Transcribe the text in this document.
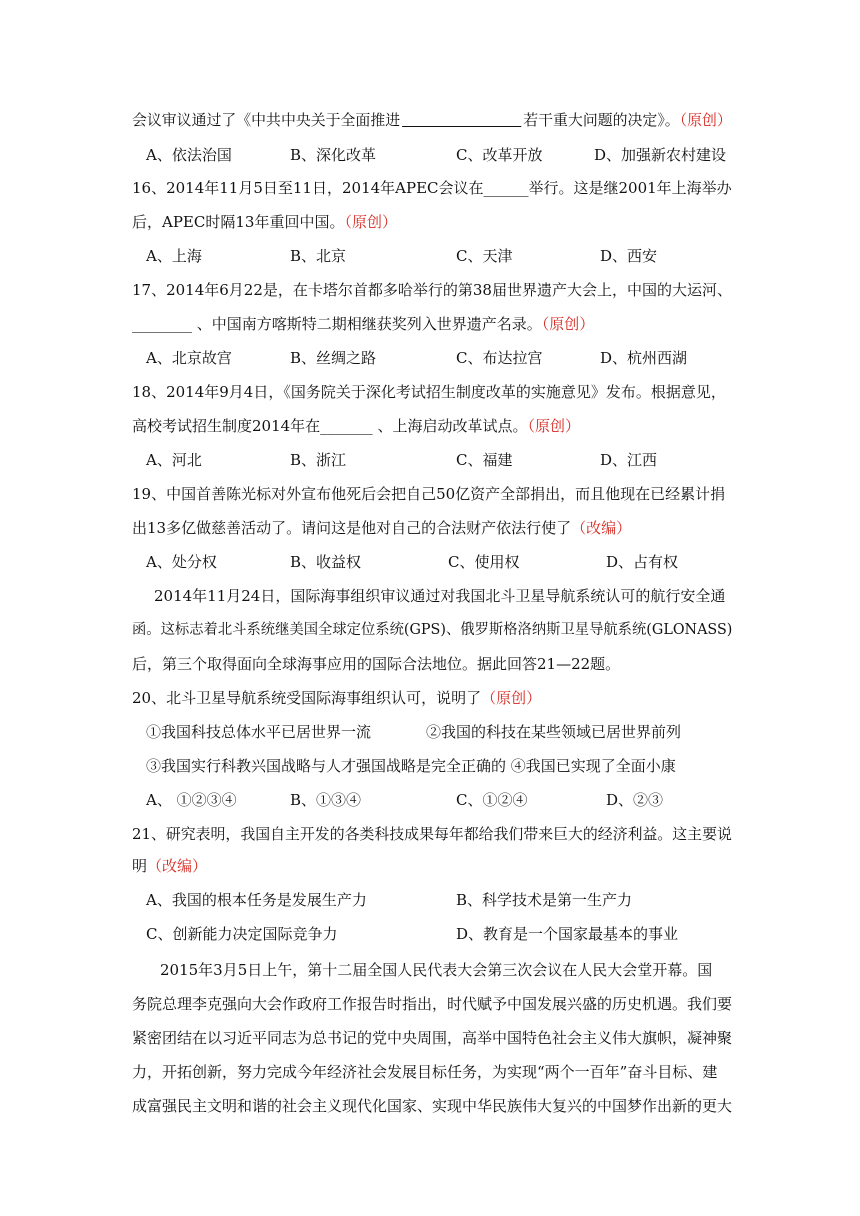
会议审议通过了《中共中央关于全面推进	若干重大问题的决定》。（原创）
A、依法治国	B、深化改革	C、改革开放	D、加强新农村建设
16、2014年11月5日至11日，2014年APEC会议在______举行。这是继2001年上海举办
后，APEC时隔13年重回中国。（原创）
A、上海	B、北京	C、天津	D、西安
17、2014年6月22是，在卡塔尔首都多哈举行的第38届世界遗产大会上，中国的大运河、
________ 、中国南方喀斯特二期相继获奖列入世界遗产名录。（原创）
A、北京故宫	B、丝绸之路	C、布达拉宫	D、杭州西湖
18、2014年9月4日，《国务院关于深化考试招生制度改革的实施意见》发布。根据意见，
高校考试招生制度2014年在_______ 、上海启动改革试点。（原创）
A、河北	B、浙江	C、福建	D、江西
19、中国首善陈光标对外宣布他死后会把自己50亿资产全部捐出，而且他现在已经累计捐
出13多亿做慈善活动了。请问这是他对自己的合法财产依法行使了（改编）
A、处分权	B、收益权	C、使用权	D、占有权
2014年11月24日，国际海事组织审议通过对我国北斗卫星导航系统认可的航行安全通
函。这标志着北斗系统继美国全球定位系统(GPS)、俄罗斯格洛纳斯卫星导航系统(GLONASS)
后，第三个取得面向全球海事应用的国际合法地位。据此回答21—22题。
20、北斗卫星导航系统受国际海事组织认可，说明了（原创）
①我国科技总体水平已居世界一流	②我国的科技在某些领域已居世界前列
③我国实行科教兴国战略与人才强国战略是完全正确的 ④我国已实现了全面小康
A、 ①②③④	B、①③④	C、①②④	D、②③
21、研究表明，我国自主开发的各类科技成果每年都给我们带来巨大的经济利益。这主要说
明（改编）
A、我国的根本任务是发展生产力	B、科学技术是第一生产力
C、创新能力决定国际竞争力	D、教育是一个国家最基本的事业
2015年3月5日上午，第十二届全国人民代表大会第三次会议在人民大会堂开幕。国
务院总理李克强向大会作政府工作报告时指出，时代赋予中国发展兴盛的历史机遇。我们要
紧密团结在以习近平同志为总书记的党中央周围，高举中国特色社会主义伟大旗帜，凝神聚
力，开拓创新，努力完成今年经济社会发展目标任务，为实现“两个一百年”奋斗目标、建
成富强民主文明和谐的社会主义现代化国家、实现中华民族伟大复兴的中国梦作出新的更大
